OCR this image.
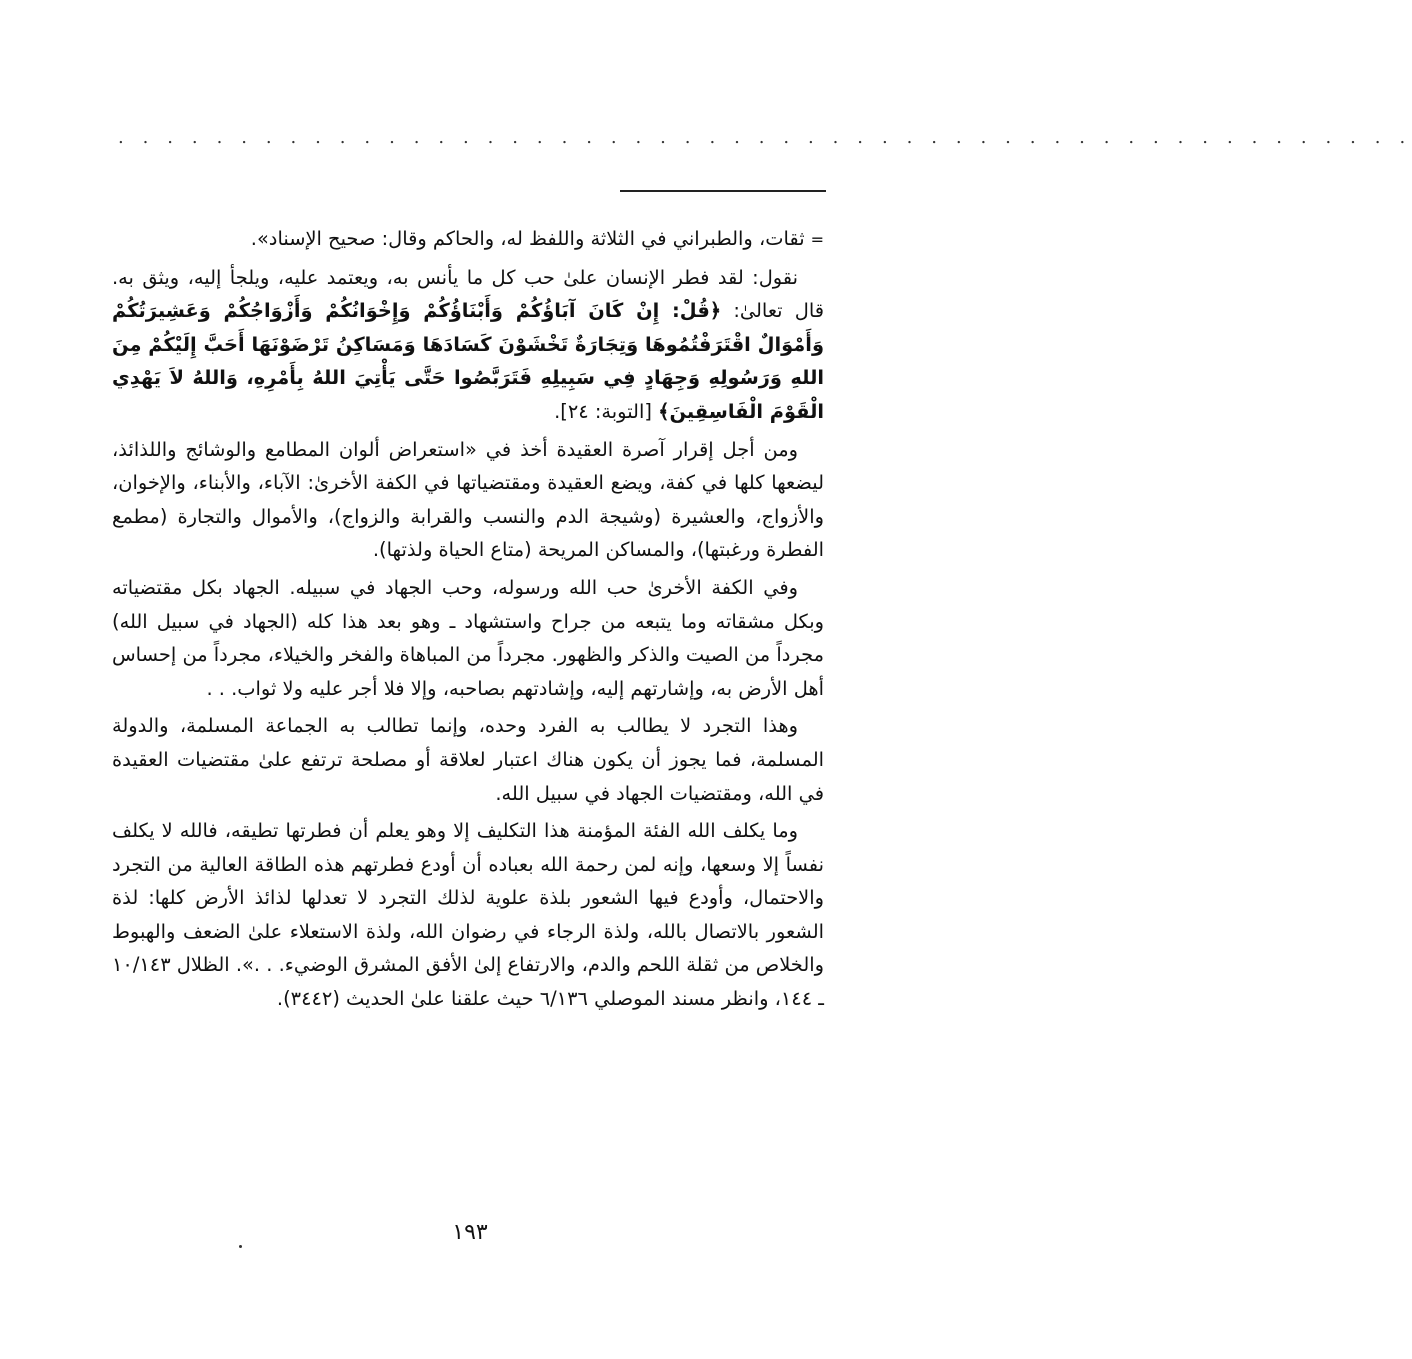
. . . . . . . . . . . . . . . . . . . . . . . . . . . . . . . . . . . . . . . . . . . . . . . . . . . . .

=ثقات، والطبراني في الثلاثة واللفظ له، والحاكم وقال: صحيح الإسناد».

نقول: لقد فطر الإنسان علىٰ حب كل ما يأنس به، ويعتمد عليه، ويلجأ إليه، ويثق به. قال تعالىٰ: ﴿قُلْ: إِنْ كَانَ آبَاؤُكُمْ وَأَبْنَاؤُكُمْ وَإِخْوَانُكُمْ وَأَزْوَاجُكُمْ وَعَشِيرَتُكُمْ وَأَمْوَالٌ اقْتَرَفْتُمُوهَا وَتِجَارَةٌ تَخْشَوْنَ كَسَادَهَا وَمَسَاكِنُ تَرْضَوْنَهَا أَحَبَّ إِلَيْكُمْ مِنَ اللهِ وَرَسُولِهِ وَجِهَادٍ فِي سَبِيلِهِ فَتَرَبَّصُوا حَتَّى يَأْتِيَ اللهُ بِأَمْرِهِ، وَاللهُ لاَ يَهْدِي الْقَوْمَ الْفَاسِقِينَ﴾ [التوبة: ٢٤].

ومن أجل إقرار آصرة العقيدة أخذ في «استعراض ألوان المطامع والوشائج واللذائذ، ليضعها كلها في كفة، ويضع العقيدة ومقتضياتها في الكفة الأخرىٰ: الآباء، والأبناء، والإخوان، والأزواج، والعشيرة (وشيجة الدم والنسب والقرابة والزواج)، والأموال والتجارة (مطمع الفطرة ورغبتها)، والمساكن المريحة (متاع الحياة ولذتها).

وفي الكفة الأخرىٰ حب الله ورسوله، وحب الجهاد في سبيله. الجهاد بكل مقتضياته وبكل مشقاته وما يتبعه من جراح واستشهاد ـ وهو بعد هذا كله (الجهاد في سبيل الله) مجرداً من الصيت والذكر والظهور. مجرداً من المباهاة والفخر والخيلاء، مجرداً من إحساس أهل الأرض به، وإشارتهم إليه، وإشادتهم بصاحبه، وإلا فلا أجر عليه ولا ثواب. . .

وهذا التجرد لا يطالب به الفرد وحده، وإنما تطالب به الجماعة المسلمة، والدولة المسلمة، فما يجوز أن يكون هناك اعتبار لعلاقة أو مصلحة ترتفع علىٰ مقتضيات العقيدة في الله، ومقتضيات الجهاد في سبيل الله.

وما يكلف الله الفئة المؤمنة هذا التكليف إلا وهو يعلم أن فطرتها تطيقه، فالله لا يكلف نفساً إلا وسعها، وإنه لمن رحمة الله بعباده أن أودع فطرتهم هذه الطاقة العالية من التجرد والاحتمال، وأودع فيها الشعور بلذة علوية لذلك التجرد لا تعدلها لذائذ الأرض كلها: لذة الشعور بالاتصال بالله، ولذة الرجاء في رضوان الله، ولذة الاستعلاء علىٰ الضعف والهبوط والخلاص من ثقلة اللحم والدم، والارتفاع إلىٰ الأفق المشرق الوضيء. . .». الظلال ١٠/١٤٣ ـ ١٤٤، وانظر مسند الموصلي ٦/١٣٦ حيث علقنا علىٰ الحديث (٣٤٤٢).

١٩٣
